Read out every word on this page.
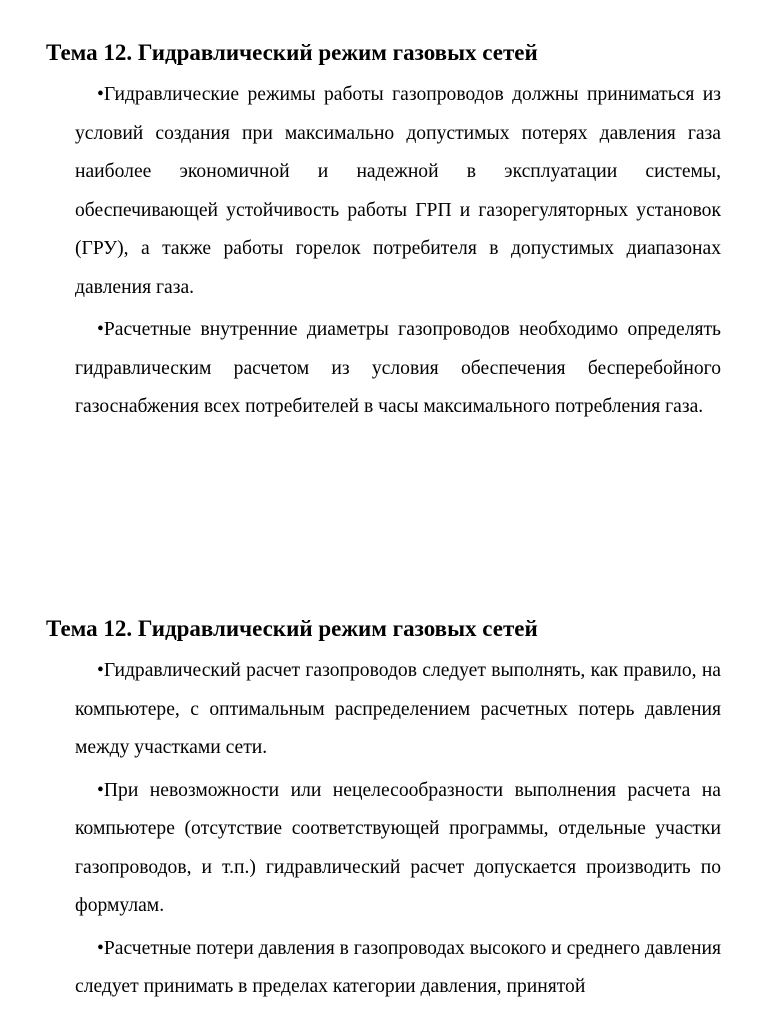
Тема 12. Гидравлический режим газовых сетей

•Гидравлические режимы работы газопроводов должны приниматься из условий создания при максимально допустимых потерях давления газа наиболее экономичной и надежной в эксплуатации системы, обеспечивающей устойчивость работы ГРП и газорегуляторных установок (ГРУ), а также работы горелок потребителя в допустимых диапазонах давления газа.

•Расчетные внутренние диаметры газопроводов необходимо определять гидравлическим расчетом из условия обеспечения бесперебойного газоснабжения всех потребителей в часы максимального потребления газа.

Тема 12. Гидравлический режим газовых сетей

•Гидравлический расчет газопроводов следует выполнять, как правило, на компьютере, с оптимальным распределением расчетных потерь давления между участками сети.

•При невозможности или нецелесообразности выполнения расчета на компьютере (отсутствие соответствующей программы, отдельные участки газопроводов, и т.п.) гидравлический расчет допускается производить по формулам.

•Расчетные потери давления в газопроводах высокого и среднего давления следует принимать в пределах категории давления, принятой
